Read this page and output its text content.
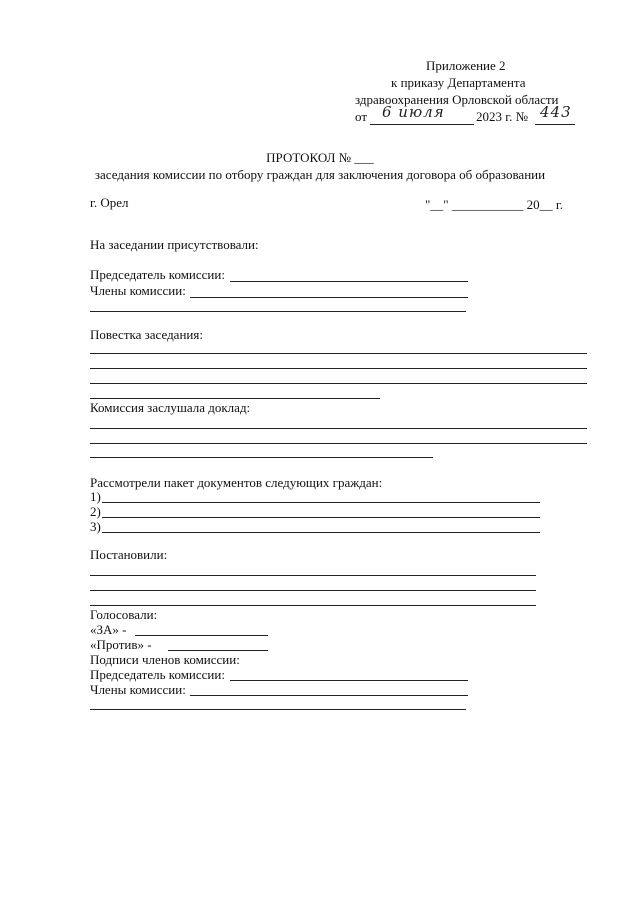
Приложение 2
к приказу Департамента
здравоохранения Орловской области
от 6 июля 2023 г. № 443
ПРОТОКОЛ № ___
заседания комиссии по отбору граждан для заключения договора об образовании
г. Орел	"__" ___________ 20__ г.
На заседании присутствовали:
Председатель комиссии:
Члены комиссии:
Повестка заседания:
Комиссия заслушала доклад:
Рассмотрели пакет документов следующих граждан:
1)
2)
3)
Постановили:
Голосовали:
«ЗА» -
«Против» -
Подписи членов комиссии:
Председатель комиссии:
Члены комиссии:
